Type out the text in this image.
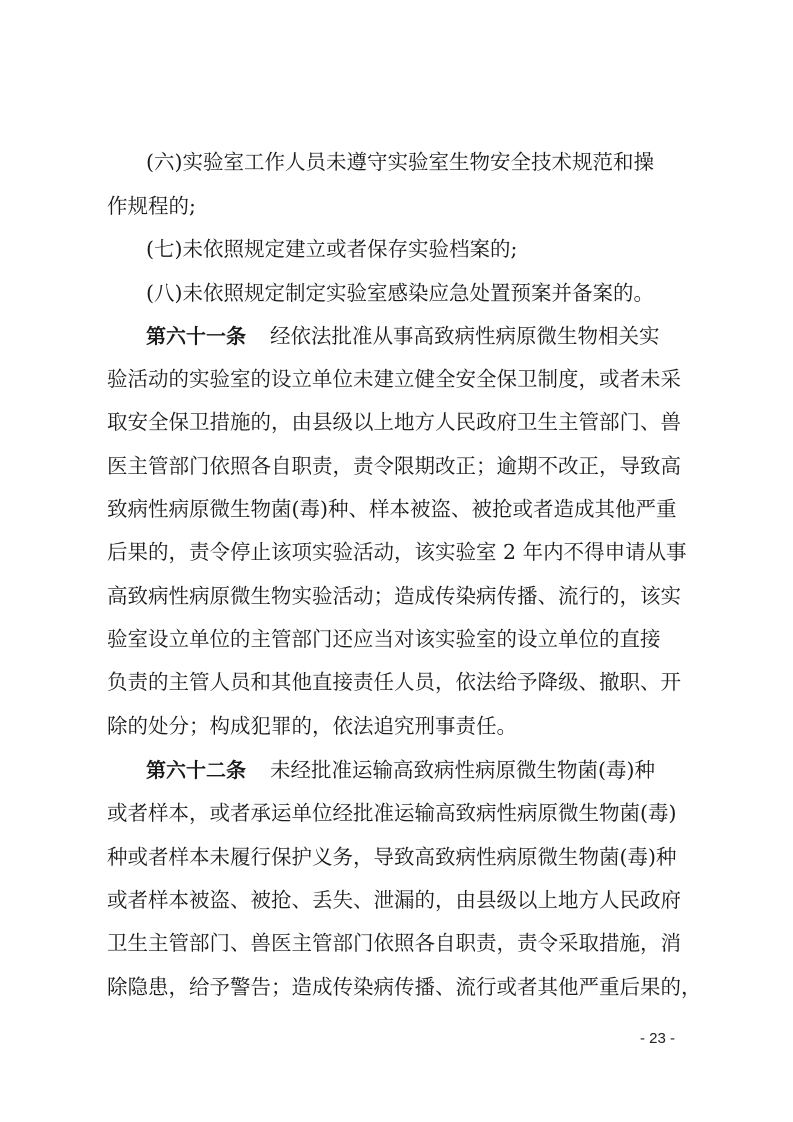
(六)实验室工作人员未遵守实验室生物安全技术规范和操
作规程的;
(七)未依照规定建立或者保存实验档案的;
(八)未依照规定制定实验室感染应急处置预案并备案的。
第六十一条 经依法批准从事高致病性病原微生物相关实
验活动的实验室的设立单位未建立健全安全保卫制度，或者未采
取安全保卫措施的，由县级以上地方人民政府卫生主管部门、兽
医主管部门依照各自职责，责令限期改正；逾期不改正，导致高
致病性病原微生物菌(毒)种、样本被盗、被抢或者造成其他严重
后果的，责令停止该项实验活动，该实验室 2 年内不得申请从事
高致病性病原微生物实验活动；造成传染病传播、流行的，该实
验室设立单位的主管部门还应当对该实验室的设立单位的直接
负责的主管人员和其他直接责任人员，依法给予降级、撤职、开
除的处分；构成犯罪的，依法追究刑事责任。
第六十二条 未经批准运输高致病性病原微生物菌(毒)种
或者样本，或者承运单位经批准运输高致病性病原微生物菌(毒)
种或者样本未履行保护义务，导致高致病性病原微生物菌(毒)种
或者样本被盗、被抢、丢失、泄漏的，由县级以上地方人民政府
卫生主管部门、兽医主管部门依照各自职责，责令采取措施，消
除隐患，给予警告；造成传染病传播、流行或者其他严重后果的，
- 23 -
